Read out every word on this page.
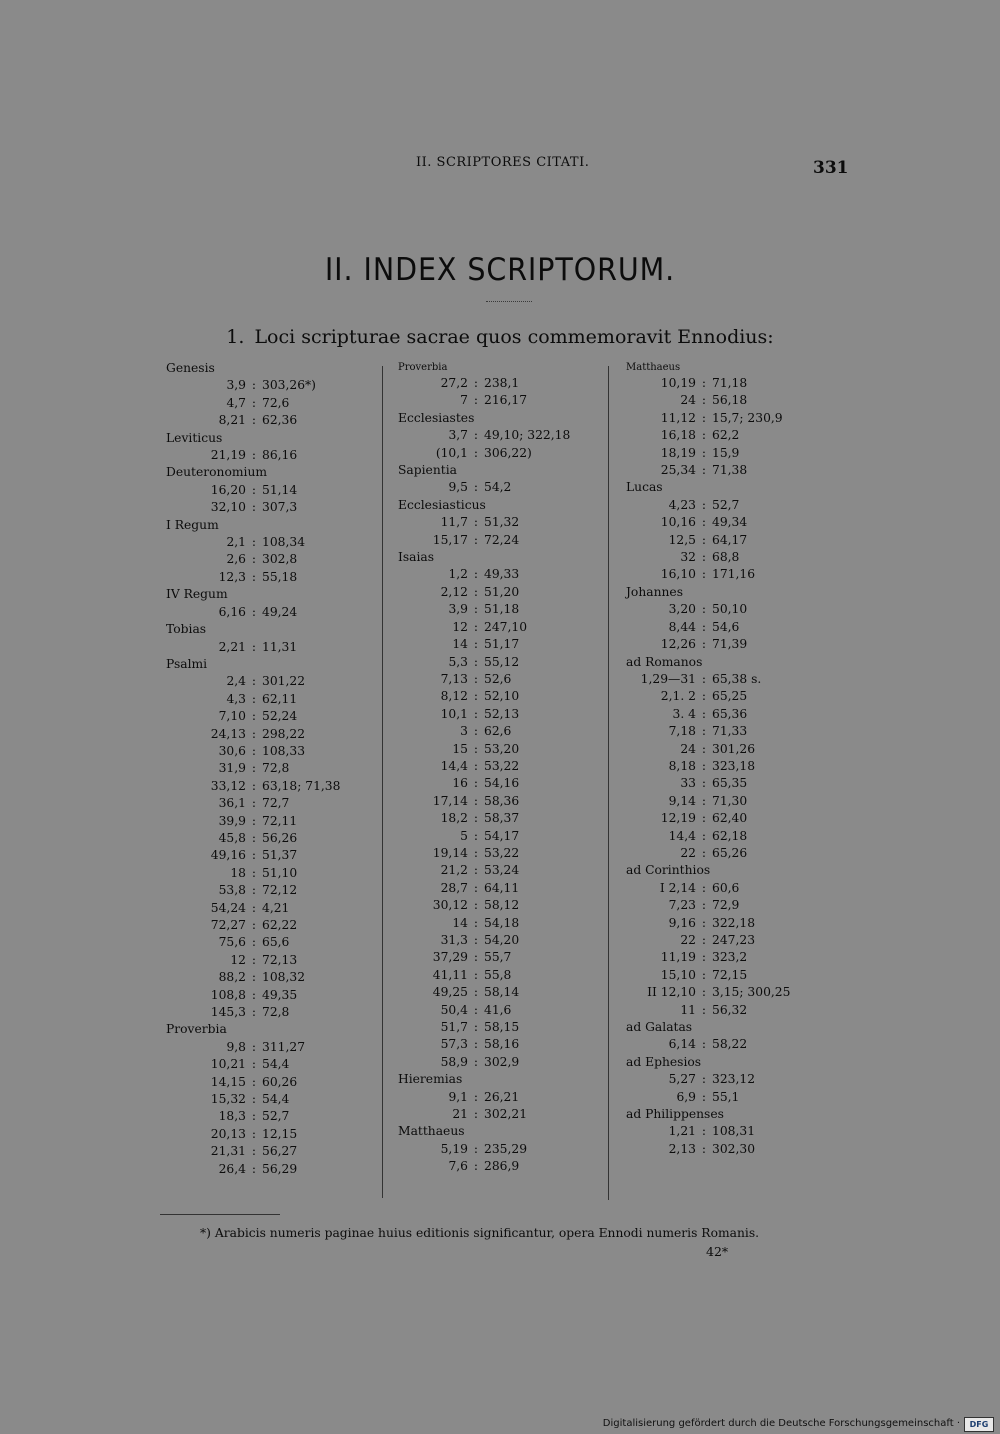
II. SCRIPTORES CITATI.	331
II. INDEX SCRIPTORUM.
1. Loci scripturae sacrae quos commemoravit Ennodius:
Genesis
3,9 : 303,26*)
4,7 : 72,6
8,21 : 62,36
Leviticus
21,19 : 86,16
Deuteronomium
16,20 : 51,14
32,10 : 307,3
I Regum
2,1 : 108,34
2,6 : 302,8
12,3 : 55,18
IV Regum
6,16 : 49,24
Tobias
2,21 : 11,31
Psalmi
2,4 : 301,22
4,3 : 62,11
7,10 : 52,24
24,13 : 298,22
30,6 : 108,33
31,9 : 72,8
33,12 : 63,18; 71,38
36,1 : 72,7
39,9 : 72,11
45,8 : 56,26
49,16 : 51,37
18 : 51,10
53,8 : 72,12
54,24 : 4,21
72,27 : 62,22
75,6 : 65,6
12 : 72,13
88,2 : 108,32
108,8 : 49,35
145,3 : 72,8
Proverbia
9,8 : 311,27
10,21 : 54,4
14,15 : 60,26
15,32 : 54,4
18,3 : 52,7
20,13 : 12,15
21,31 : 56,27
26,4 : 56,29
Proverbia
27,2 : 238,1
7 : 216,17
Ecclesiastes
3,7 : 49,10; 322,18
(10,1 : 306,22)
Sapientia
9,5 : 54,2
Ecclesiasticus
11,7 : 51,32
15,17 : 72,24
Isaias
1,2 : 49,33
2,12 : 51,20
3,9 : 51,18
12 : 247,10
14 : 51,17
5,3 : 55,12
7,13 : 52,6
8,12 : 52,10
10,1 : 52,13
3 : 62,6
15 : 53,20
14,4 : 53,22
16 : 54,16
17,14 : 58,36
18,2 : 58,37
5 : 54,17
19,14 : 53,22
21,2 : 53,24
28,7 : 64,11
30,12 : 58,12
14 : 54,18
31,3 : 54,20
37,29 : 55,7
41,11 : 55,8
49,25 : 58,14
50,4 : 41,6
51,7 : 58,15
57,3 : 58,16
58,9 : 302,9
Hieremias
9,1 : 26,21
21 : 302,21
Matthaeus
5,19 : 235,29
7,6 : 286,9
Matthaeus
10,19 : 71,18
24 : 56,18
11,12 : 15,7; 230,9
16,18 : 62,2
18,19 : 15,9
25,34 : 71,38
Lucas
4,23 : 52,7
10,16 : 49,34
12,5 : 64,17
32 : 68,8
16,10 : 171,16
Johannes
3,20 : 50,10
8,44 : 54,6
12,26 : 71,39
ad Romanos
1,29—31 : 65,38 s.
2,1. 2 : 65,25
3. 4 : 65,36
7,18 : 71,33
24 : 301,26
8,18 : 323,18
33 : 65,35
9,14 : 71,30
12,19 : 62,40
14,4 : 62,18
22 : 65,26
ad Corinthios
I 2,14 : 60,6
7,23 : 72,9
9,16 : 322,18
22 : 247,23
11,19 : 323,2
15,10 : 72,15
II 12,10 : 3,15; 300,25
11 : 56,32
ad Galatas
6,14 : 58,22
ad Ephesios
5,27 : 323,12
6,9 : 55,1
ad Philippenses
1,21 : 108,31
2,13 : 302,30
*) Arabicis numeris paginae huius editionis significantur, opera Ennodi numeris Romanis.
42*
Digitalisierung gefördert durch die Deutsche Forschungsgemeinschaft ·	DFG
